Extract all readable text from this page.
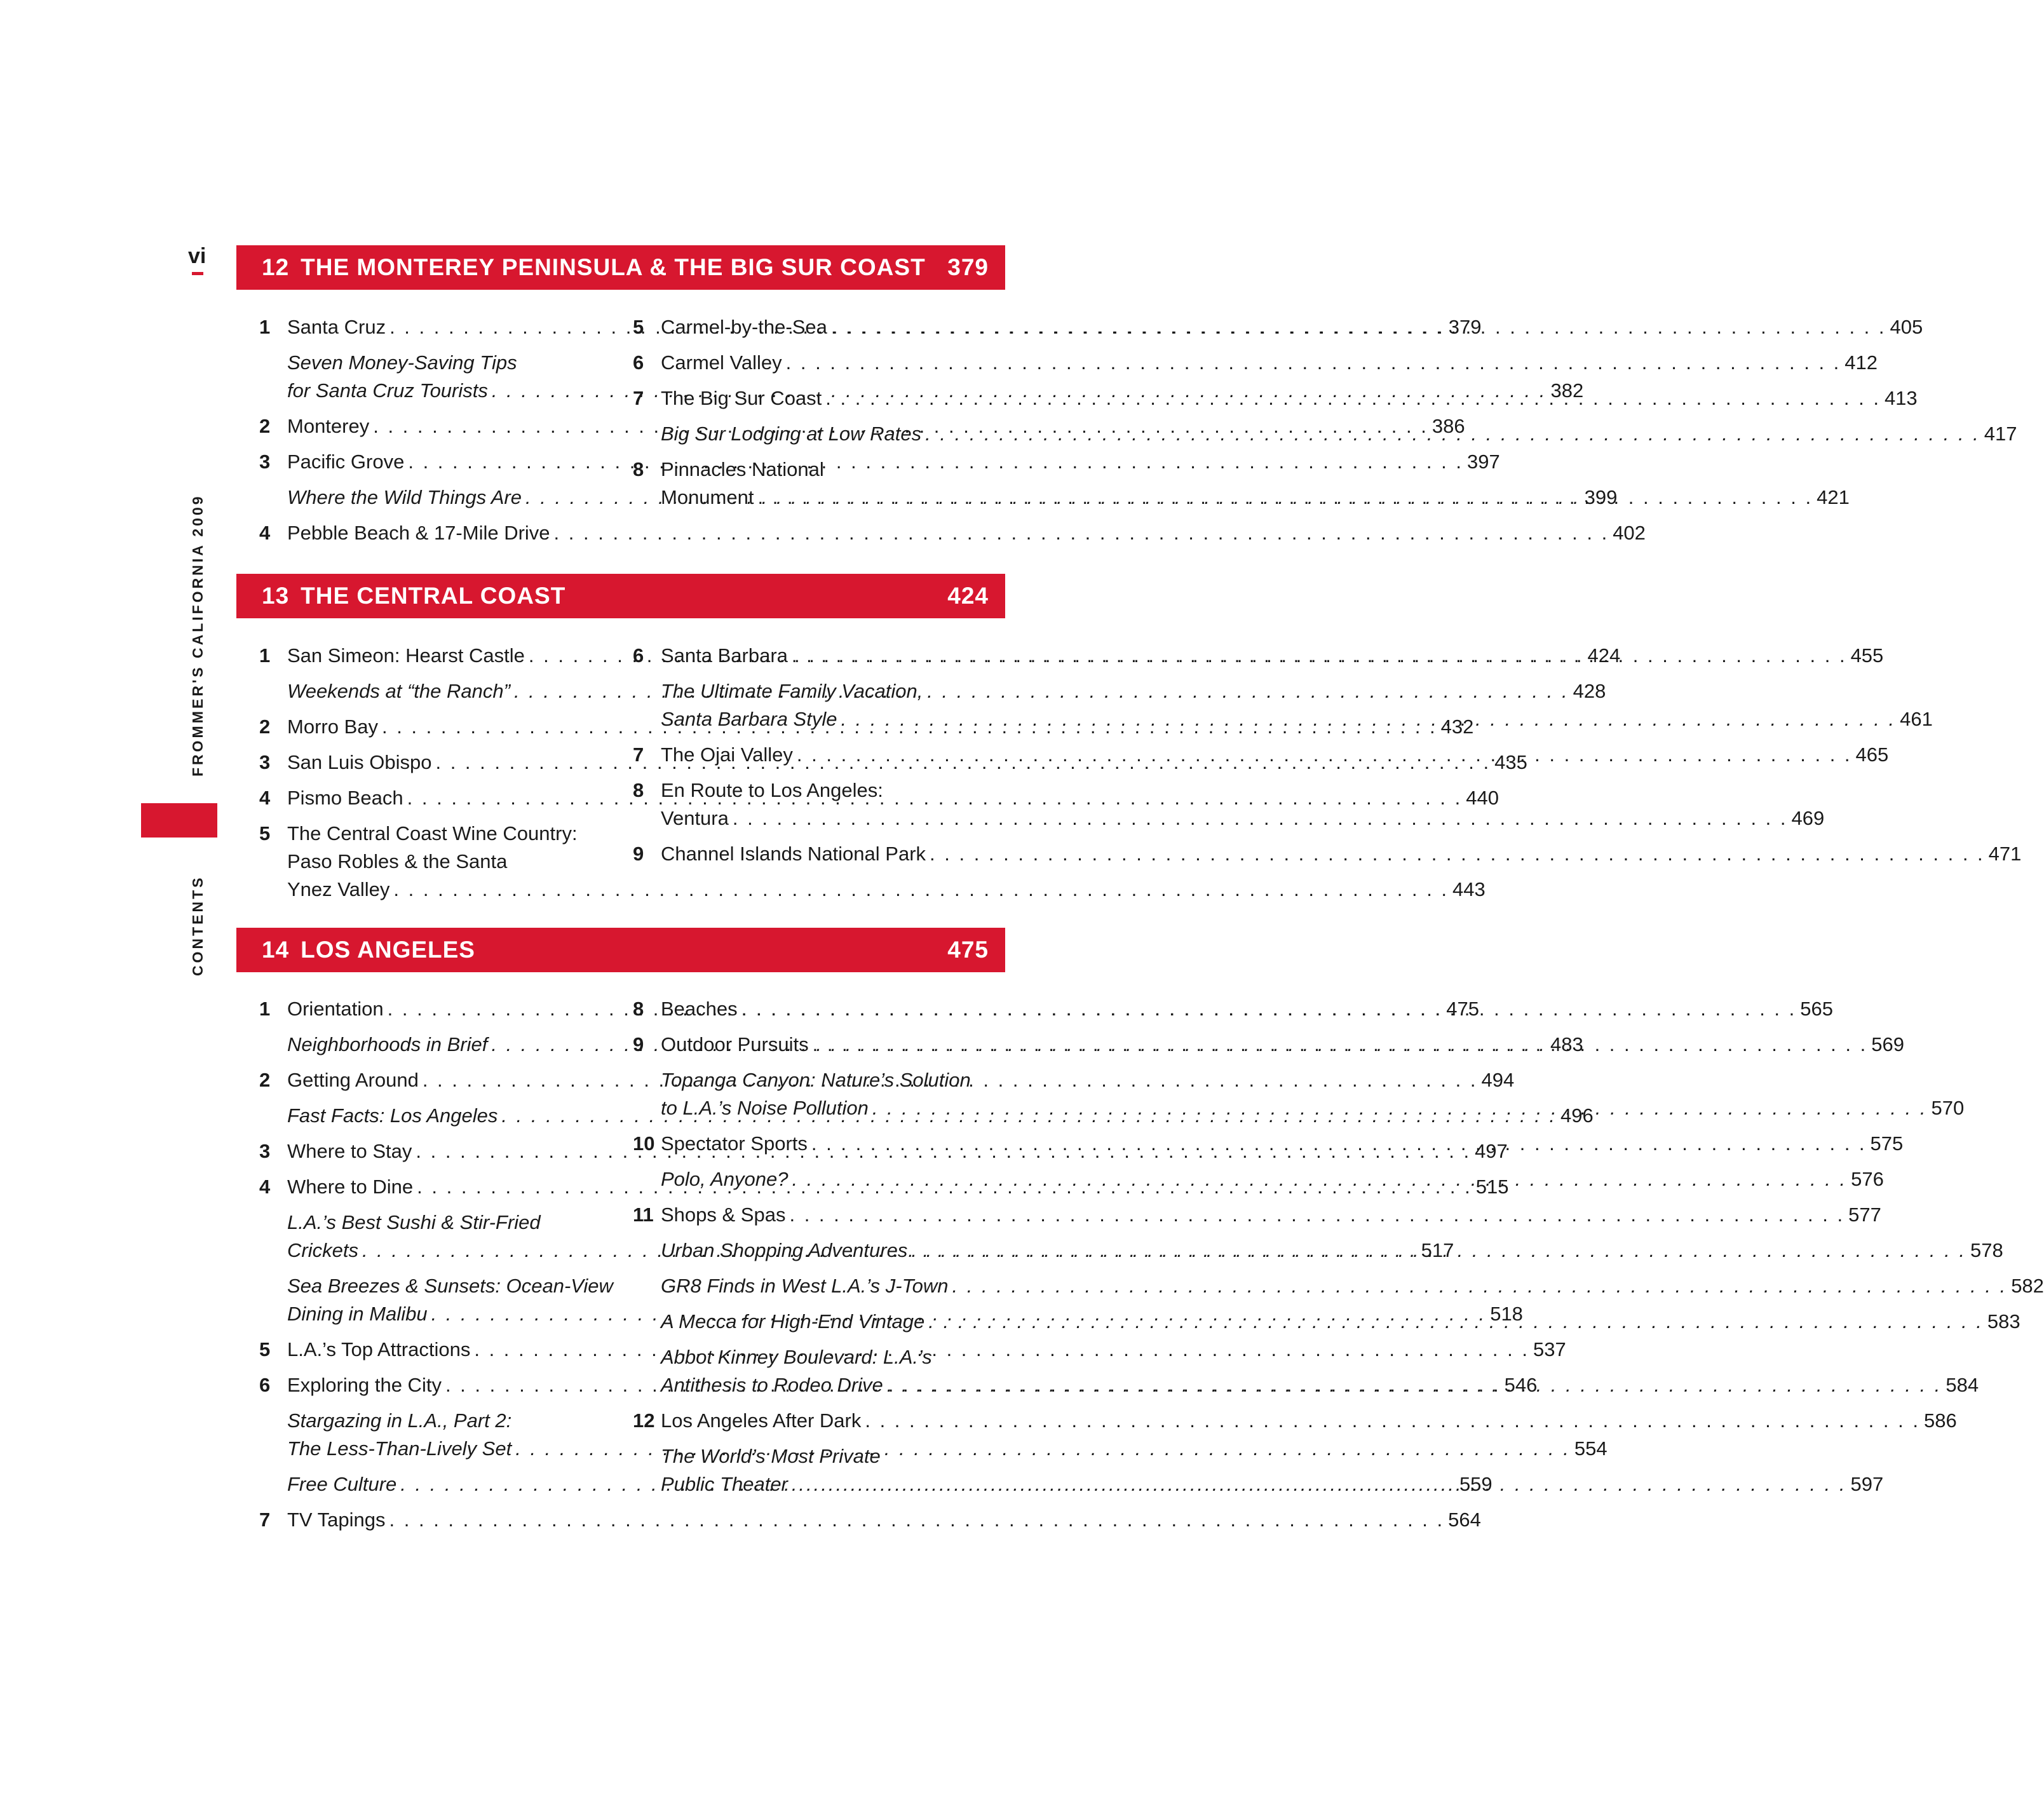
vi
FROMMER'S CALIFORNIA 2009
CONTENTS
12 THE MONTEREY PENINSULA & THE BIG SUR COAST 379
1 Santa Cruz . . .	379
Seven Money-Saving Tips
for Santa Cruz Tourists . . .	382
2 Monterey . . .	386
3 Pacific Grove . . .	397
Where the Wild Things Are . . .	399
4 Pebble Beach & 17-Mile Drive . . .	402
5 Carmel-by-the-Sea . . .	405
6 Carmel Valley . . .	412
7 The Big Sur Coast . . .	413
Big Sur Lodging at Low Rates . . .	417
8 Pinnacles National
Monument . . .	421
13 THE CENTRAL COAST	424
1 San Simeon: Hearst Castle . . .	424
Weekends at “the Ranch” . . .	428
2 Morro Bay . . .	432
3 San Luis Obispo . . .	435
4 Pismo Beach . . .	440
5 The Central Coast Wine Country:
Paso Robles & the Santa
Ynez Valley . . .	443
6 Santa Barbara . . .	455
The Ultimate Family Vacation,
Santa Barbara Style . . .	461
7 The Ojai Valley . . .	465
8 En Route to Los Angeles:
Ventura . . .	469
9 Channel Islands National Park . . .	471
14 LOS ANGELES	475
1 Orientation . . .	475
Neighborhoods in Brief . . .	483
2 Getting Around . . .	494
Fast Facts: Los Angeles . . .	496
3 Where to Stay . . .	497
4 Where to Dine . . .	515
L.A.’s Best Sushi & Stir-Fried
Crickets . . .	517
Sea Breezes & Sunsets: Ocean-View
Dining in Malibu . . .	518
5 L.A.’s Top Attractions . . .	537
6 Exploring the City . . .	546
Stargazing in L.A., Part 2:
The Less-Than-Lively Set . . .	554
Free Culture . . .	559
7 TV Tapings . . .	564
8 Beaches . . .	565
9 Outdoor Pursuits . . .	569
Topanga Canyon: Nature’s Solution
to L.A.’s Noise Pollution . . .	570
10 Spectator Sports . . .	575
Polo, Anyone? . . .	576
11 Shops & Spas . . .	577
Urban Shopping Adventures . . .	578
GR8 Finds in West L.A.’s J-Town . . .	582
A Mecca for High-End Vintage . . .	583
Abbot Kinney Boulevard: L.A.’s
Antithesis to Rodeo Drive . . .	584
12 Los Angeles After Dark . . .	586
The World’s Most Private
Public Theater . . .	597
